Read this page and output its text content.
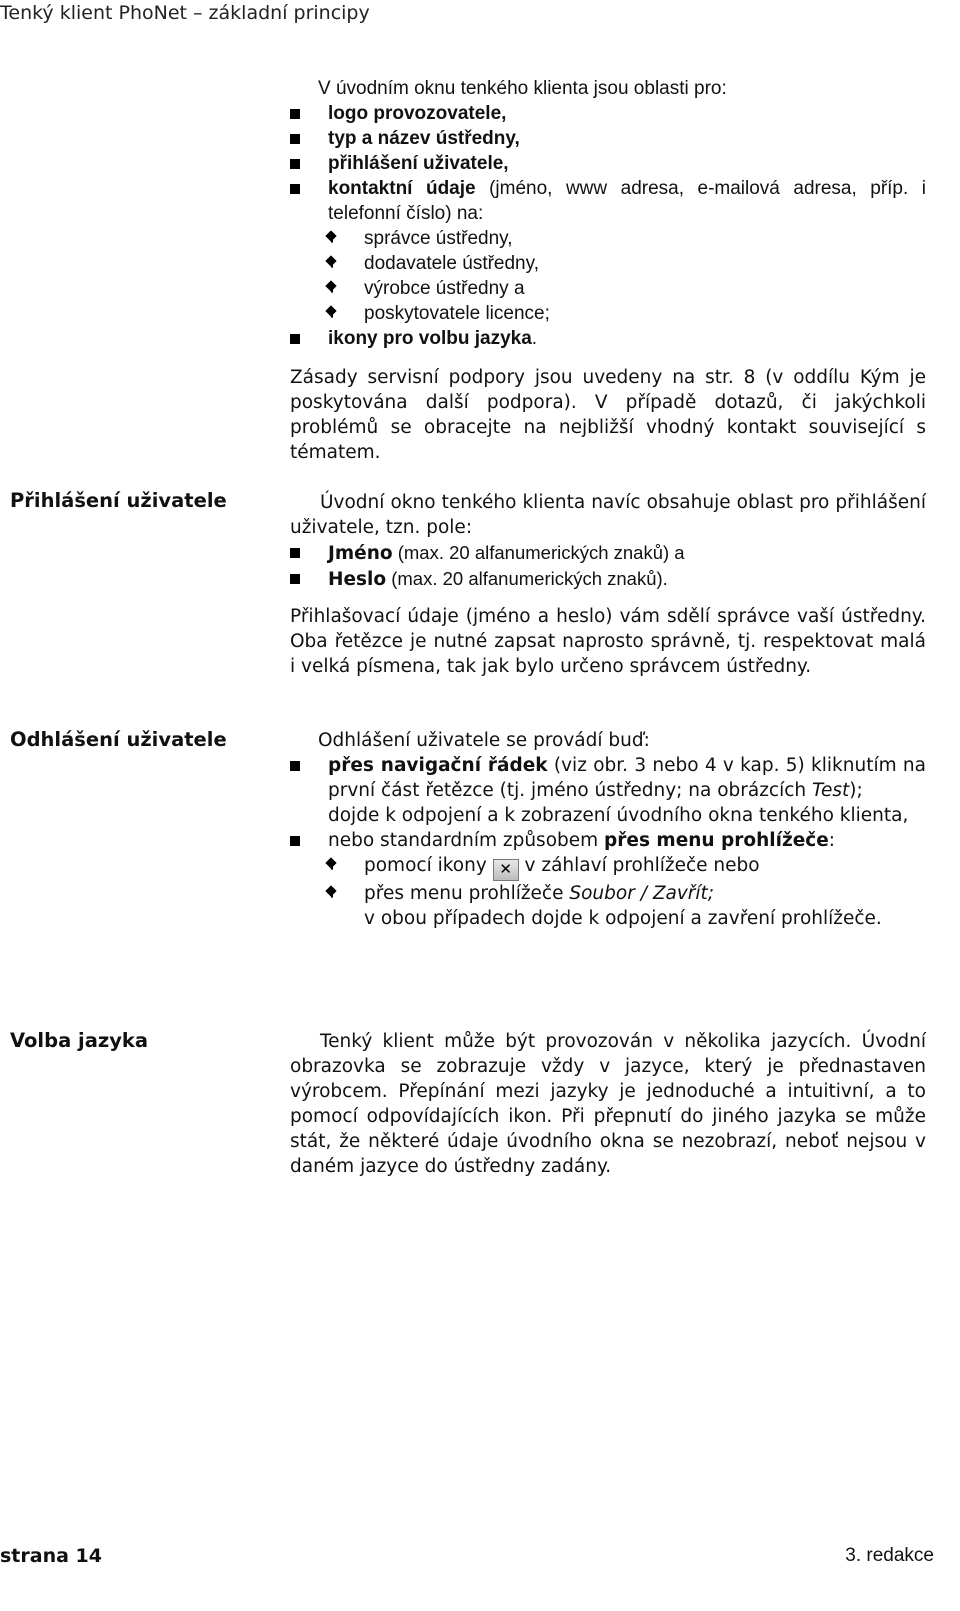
Tenký klient PhoNet – základní principy
V úvodním oknu tenkého klienta jsou oblasti pro:
logo provozovatele,
typ a název ústředny,
přihlášení uživatele,
kontaktní údaje (jméno, www adresa, e-mailová adresa, příp. i telefonní číslo) na:
správce ústředny,
dodavatele ústředny,
výrobce ústředny a
poskytovatele licence;
ikony pro volbu jazyka.
Zásady servisní podpory jsou uvedeny na str. 8 (v oddílu Kým je poskytována další podpora). V případě dotazů, či jakýchkoli problémů se obracejte na nejbližší vhodný kontakt související s tématem.
Přihlášení uživatele	Úvodní okno tenkého klienta navíc obsahuje oblast pro přihlášení uživatele, tzn. pole:
Jméno (max. 20 alfanumerických znaků) a
Heslo (max. 20 alfanumerických znaků).
Přihlašovací údaje (jméno a heslo) vám sdělí správce vaší ústředny. Oba řetězce je nutné zapsat naprosto správně, tj. respektovat malá i velká písmena, tak jak bylo určeno správcem ústředny.
Odhlášení uživatele	Odhlášení uživatele se provádí buď:
přes navigační řádek (viz obr. 3 nebo 4 v kap. 5) kliknutím na první část řetězce (tj. jméno ústředny; na obrázcích Test);
dojde k odpojení a k zobrazení úvodního okna tenkého klienta,
nebo standardním způsobem přes menu prohlížeče:
pomocí ikony ✕ v záhlaví prohlížeče nebo
přes menu prohlížeče Soubor / Zavřít;
v obou případech dojde k odpojení a zavření prohlížeče.
Volba jazyka	Tenký klient může být provozován v několika jazycích. Úvodní obrazovka se zobrazuje vždy v jazyce, který je přednastaven výrobcem. Přepínání mezi jazyky je jednoduché a intuitivní, a to pomocí odpovídajících ikon. Při přepnutí do jiného jazyka se může stát, že některé údaje úvodního okna se nezobrazí, neboť nejsou v daném jazyce do ústředny zadány.
strana 14	3. redakce
